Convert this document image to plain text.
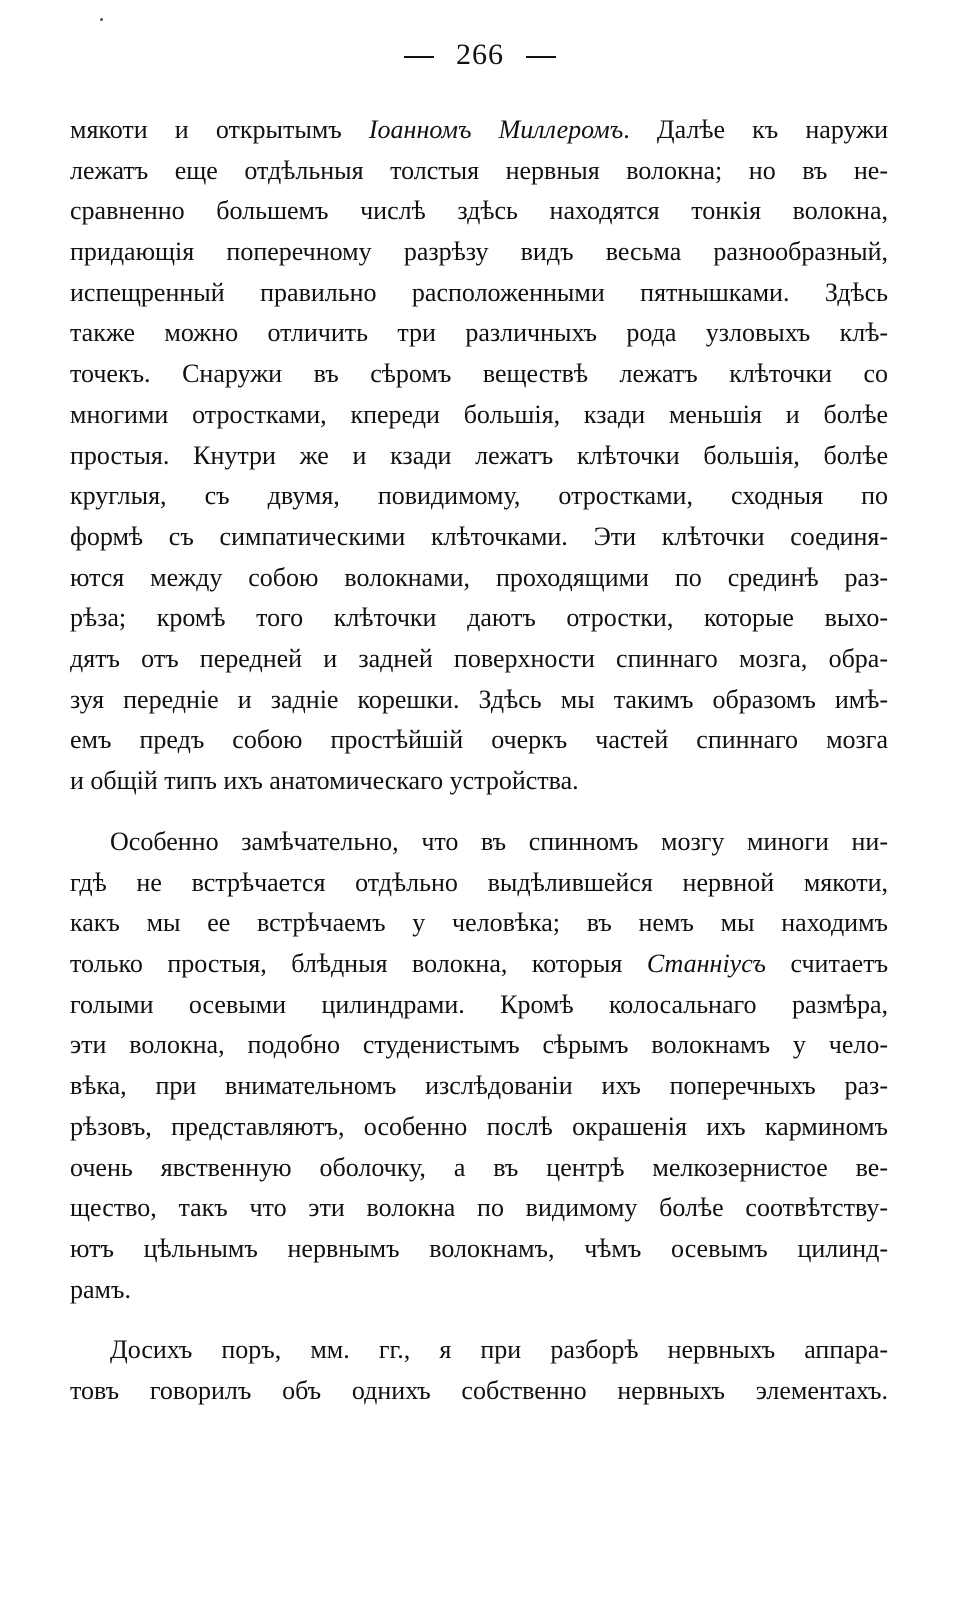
266
мякоти и открытымъ Іоанномъ Миллеромъ. Далѣе къ наружи
лежатъ еще отдѣльныя толстыя нервныя волокна; но въ не-
сравненно большемъ числѣ здѣсь находятся тонкія волокна,
придающія поперечному разрѣзу видъ весьма разнообразный,
испещренный правильно расположенными пятнышками. Здѣсь
также можно отличить три различныхъ рода узловыхъ клѣ-
точекъ. Снаружи въ сѣромъ веществѣ лежатъ клѣточки со
многими отростками, кпереди большія, кзади меньшія и болѣе
простыя. Кнутри же и кзади лежатъ клѣточки большія, болѣе
круглыя, съ двумя, повидимому, отростками, сходныя по
формѣ съ симпатическими клѣточками. Эти клѣточки соединя-
ются между собою волокнами, проходящими по срединѣ раз-
рѣза; кромѣ того клѣточки даютъ отростки, которые выхо-
дятъ отъ передней и задней поверхности спиннаго мозга, обра-
зуя передніе и задніе корешки. Здѣсь мы такимъ образомъ имѣ-
емъ предъ собою простѣйшій очеркъ частей спиннаго мозга
и общій типъ ихъ анатомическаго устройства.
Особенно замѣчательно, что въ спинномъ мозгу миноги ни-
гдѣ не встрѣчается отдѣльно выдѣлившейся нервной мякоти,
какъ мы ее встрѣчаемъ у человѣка; въ немъ мы находимъ
только простыя, блѣдныя волокна, которыя Станніусъ считаетъ
голыми осевыми цилиндрами. Кромѣ колосальнаго размѣра,
эти волокна, подобно студенистымъ сѣрымъ волокнамъ у чело-
вѣка, при внимательномъ изслѣдованіи ихъ поперечныхъ раз-
рѣзовъ, представляютъ, особенно послѣ окрашенія ихъ карминомъ
очень явственную оболочку, а въ центрѣ мелкозернистое ве-
щество, такъ что эти волокна по видимому болѣе соотвѣтству-
ютъ цѣльнымъ нервнымъ волокнамъ, чѣмъ осевымъ цилинд-
рамъ.
Досихъ поръ, мм. гг., я при разборѣ нервныхъ аппара-
товъ говорилъ объ однихъ собственно нервныхъ элементахъ.
